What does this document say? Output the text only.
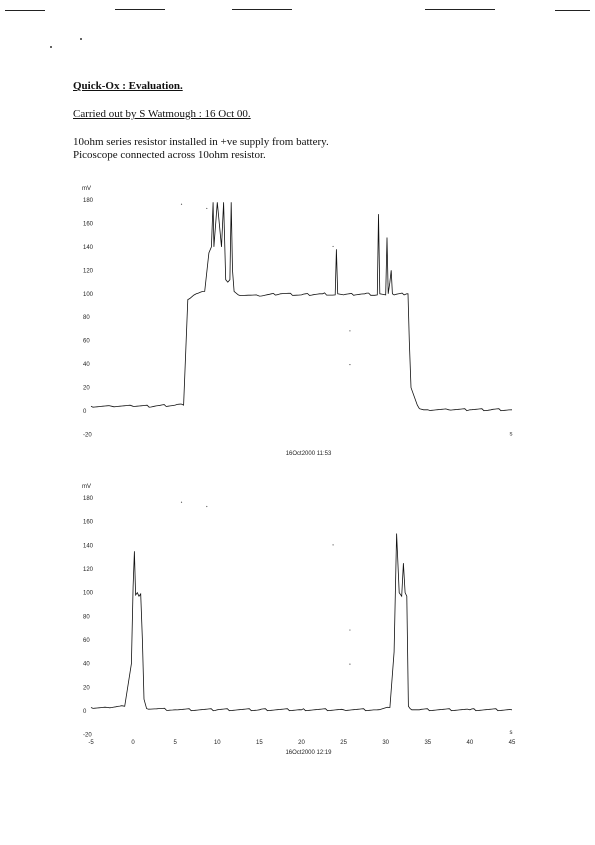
Quick-Ox : Evaluation.
Carried out by S Watmough : 16 Oct 00.
10ohm series resistor installed in +ve supply from battery.
Picoscope connected across 10ohm resistor.
mV
180
160
140
120
100
80
60
40
20
0
-20	s
16Oct2000 11:53
mV
180
160
140
120
100
80
60
40
20
0
-20
-5	0	5	10	15	20	25	30	35	40	45
s
16Oct2000 12:19
